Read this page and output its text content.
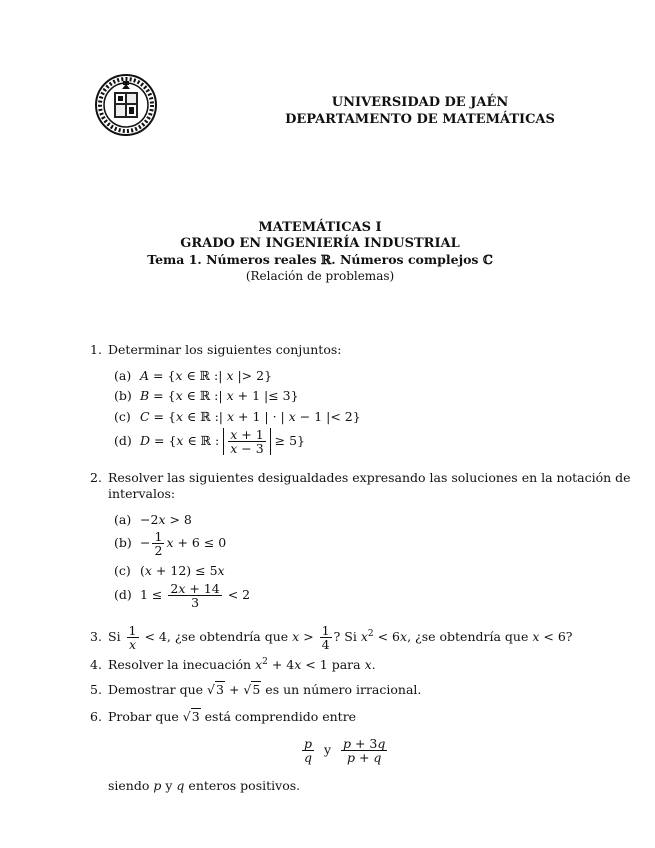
UNIVERSIDAD DE JAÉN
DEPARTAMENTO DE MATEMÁTICAS
MATEMÁTICAS I
GRADO EN INGENIERÍA INDUSTRIAL
Tema 1. Números reales ℝ. Números complejos ℂ
(Relación de problemas)
1. Determinar los siguientes conjuntos:
(a) A = {x ∈ ℝ :| x |> 2}
(b) B = {x ∈ ℝ :| x + 1 |≤ 3}
(c) C = {x ∈ ℝ :| x + 1 | · | x − 1 |< 2}
(d) D = {x ∈ ℝ : $\frac{x + 1}{x - 3} \ge 5$}
2. Resolver las siguientes desigualdades expresando las soluciones en la notación de
intervalos:
(a) −2x > 8
$(b) - \frac{1}{2}$ x + 6 ≤ 0
(c) (x + 12) ≤ 5x
(d) $1 \le \frac{2x + 14}{3} < 2$
3. Si $\frac{1}{x} < 4$, ¿se obtendría que $x > \frac{1}{4}$ ? Si $x^2 < 6x$, ¿se obtendría que x < 6?
4. Resolver la inecuación $x^2 + 4x < 1$ para x.
5. Demostrar que √3 + √5 es un número irracional.
6. Probar que √3 está comprendido entre
$\frac{p}{q}$ y $\frac{p + 3q}{p + q}$
siendo p y q enteros positivos.
